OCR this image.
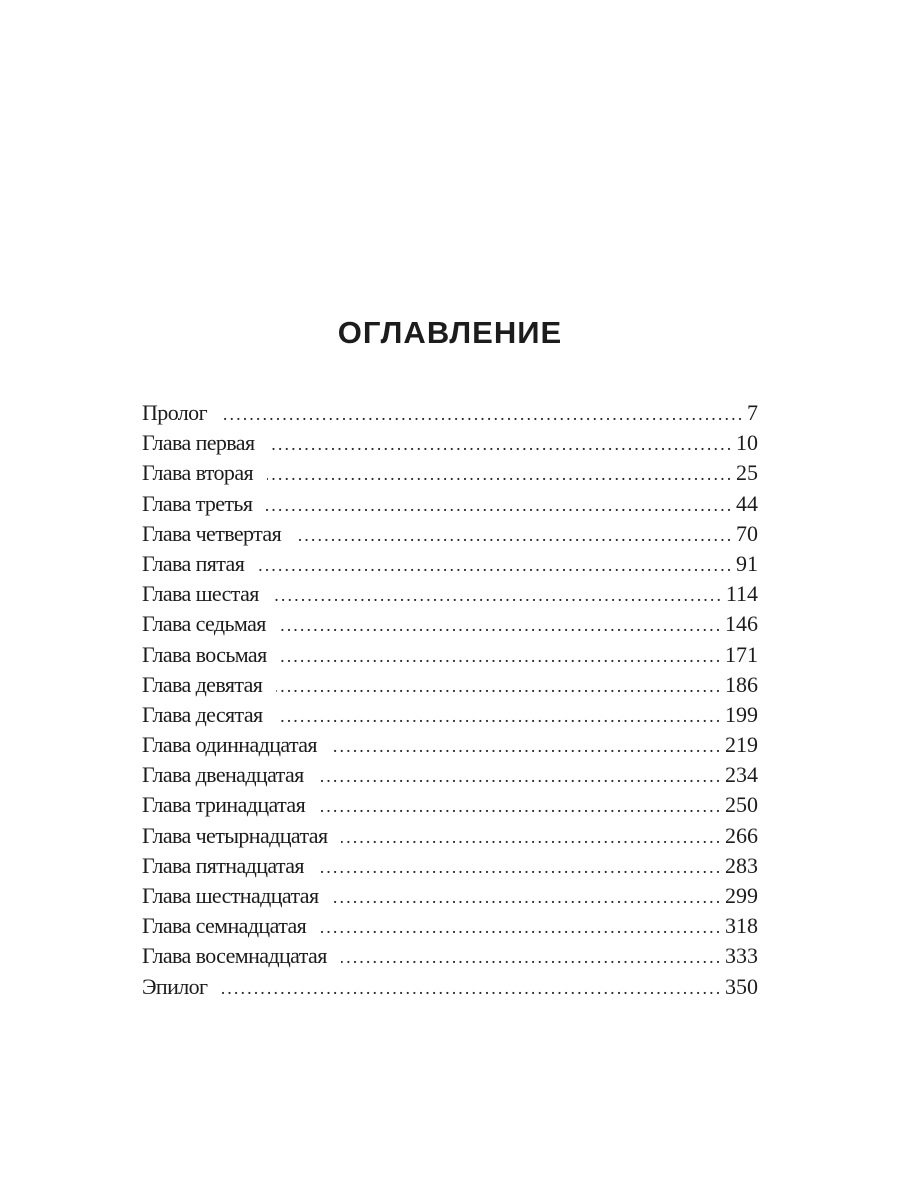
ОГЛАВЛЕНИЕ
Пролог . . .	7
Глава первая . . .	10
Глава вторая . . .	25
Глава третья . . .	44
Глава четвертая . . .	70
Глава пятая . . .	91
Глава шестая . . .	114
Глава седьмая . . .	146
Глава восьмая . . .	171
Глава девятая . . .	186
Глава десятая . . .	199
Глава одиннадцатая . . .	219
Глава двенадцатая . . .	234
Глава тринадцатая . . .	250
Глава четырнадцатая . . .	266
Глава пятнадцатая . . .	283
Глава шестнадцатая . . .	299
Глава семнадцатая . . .	318
Глава восемнадцатая . . .	333
Эпилог . . .	350
